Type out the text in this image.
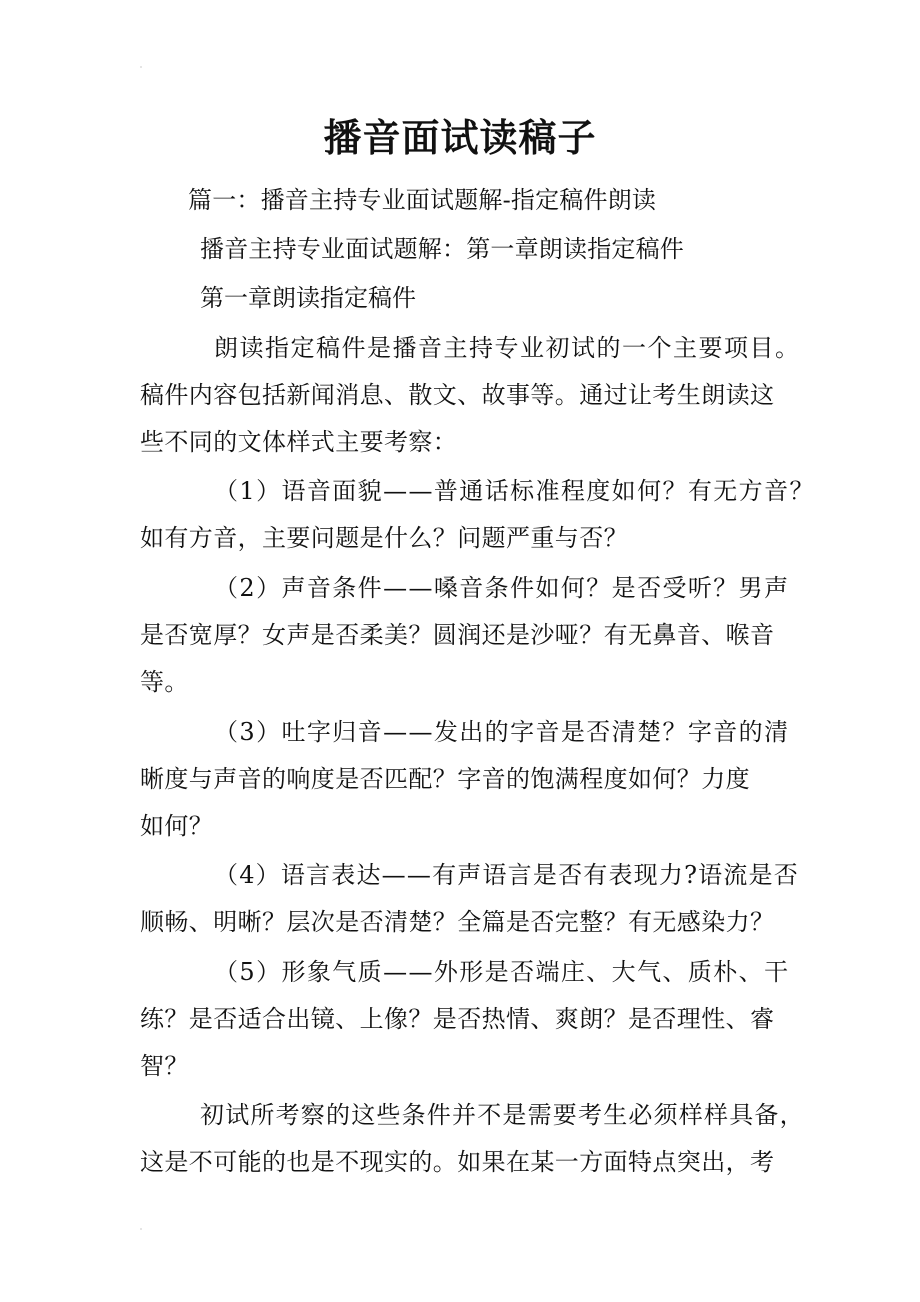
播音面试读稿子
篇一：播音主持专业面试题解-指定稿件朗读
播音主持专业面试题解：第一章朗读指定稿件
第一章朗读指定稿件
朗读指定稿件是播音主持专业初试的一个主要项目。
稿件内容包括新闻消息、散文、故事等。通过让考生朗读这
些不同的文体样式主要考察：
（1）语音面貌——普通话标准程度如何？有无方音？
如有方音，主要问题是什么？问题严重与否？
（2）声音条件——嗓音条件如何？是否受听？男声
是否宽厚？女声是否柔美？圆润还是沙哑？有无鼻音、喉音
等。
（3）吐字归音——发出的字音是否清楚？字音的清
晰度与声音的响度是否匹配？字音的饱满程度如何？力度
如何？
（4）语言表达——有声语言是否有表现力?语流是否
顺畅、明晰？层次是否清楚？全篇是否完整？有无感染力？
（5）形象气质——外形是否端庄、大气、质朴、干
练？是否适合出镜、上像？是否热情、爽朗？是否理性、睿
智？
初试所考察的这些条件并不是需要考生必须样样具备，
这是不可能的也是不现实的。如果在某一方面特点突出，考
